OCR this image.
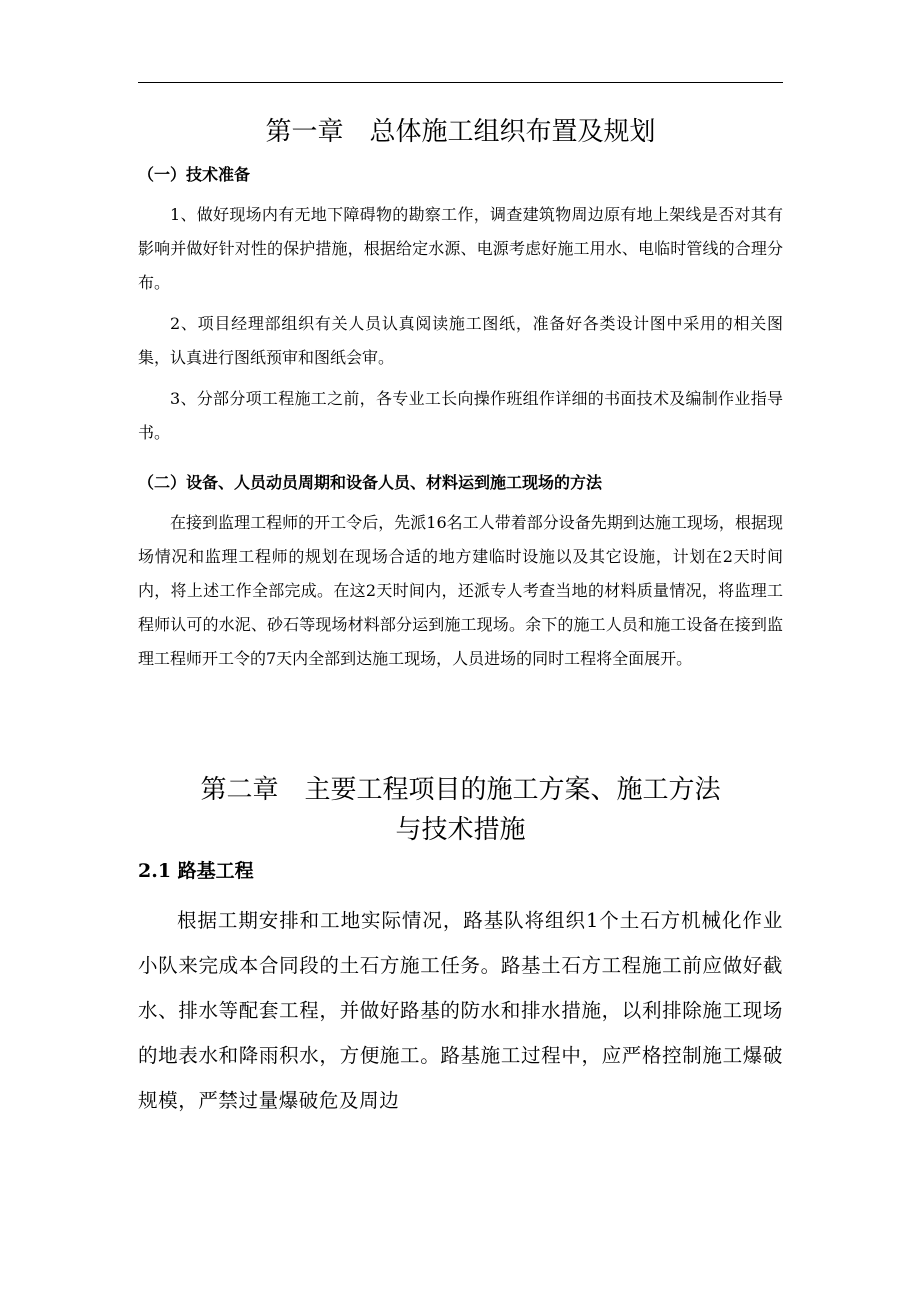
第一章 总体施工组织布置及规划
（一）技术准备

1、做好现场内有无地下障碍物的勘察工作，调查建筑物周边原有地上架线是否对其有影响并做好针对性的保护措施，根据给定水源、电源考虑好施工用水、电临时管线的合理分布。

2、项目经理部组织有关人员认真阅读施工图纸，准备好各类设计图中采用的相关图集，认真进行图纸预审和图纸会审。

3、分部分项工程施工之前，各专业工长向操作班组作详细的书面技术及编制作业指导书。

（二）设备、人员动员周期和设备人员、材料运到施工现场的方法

在接到监理工程师的开工令后，先派16名工人带着部分设备先期到达施工现场，根据现场情况和监理工程师的规划在现场合适的地方建临时设施以及其它设施，计划在2天时间内，将上述工作全部完成。在这2天时间内，还派专人考查当地的材料质量情况，将监理工程师认可的水泥、砂石等现场材料部分运到施工现场。余下的施工人员和施工设备在接到监理工程师开工令的7天内全部到达施工现场，人员进场的同时工程将全面展开。

第二章 主要工程项目的施工方案、施工方法
与技术措施
2.1 路基工程

根据工期安排和工地实际情况，路基队将组织1个土石方机械化作业小队来完成本合同段的土石方施工任务。路基土石方工程施工前应做好截水、排水等配套工程，并做好路基的防水和排水措施，以利排除施工现场的地表水和降雨积水，方便施工。路基施工过程中，应严格控制施工爆破规模，严禁过量爆破危及周边
